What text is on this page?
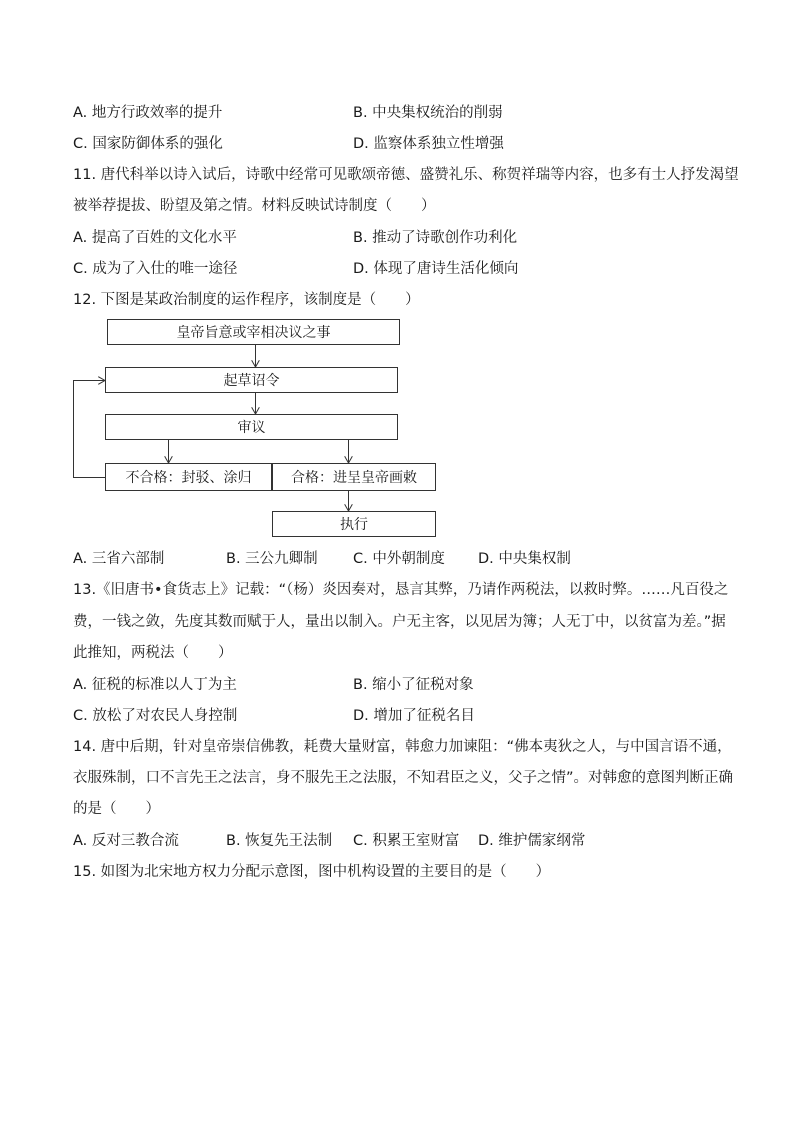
A. 地方行政效率的提升	B. 中央集权统治的削弱
C. 国家防御体系的强化	D. 监察体系独立性增强
11. 唐代科举以诗入试后，诗歌中经常可见歌颂帝德、盛赞礼乐、称贺祥瑞等内容，也多有士人抒发渴望
被举荐提拔、盼望及第之情。材料反映试诗制度（　　）
A. 提高了百姓的文化水平	B. 推动了诗歌创作功利化
C. 成为了入仕的唯一途径	D. 体现了唐诗生活化倾向
12. 下图是某政治制度的运作程序，该制度是（　　）
皇帝旨意或宰相决议之事
起草诏令
审议
不合格：封驳、涂归	合格：进呈皇帝画敕
执行
A. 三省六部制	B. 三公九卿制 C. 中外朝制度 D. 中央集权制
13.《旧唐书•食货志上》记载：“（杨）炎因奏对，恳言其弊，乃请作两税法，以救时弊。……凡百役之
费，一钱之敛，先度其数而赋于人，量出以制入。户无主客，以见居为簿；人无丁中，以贫富为差。”据
此推知，两税法（　　）
A. 征税的标准以人丁为主	B. 缩小了征税对象
C. 放松了对农民人身控制	D. 增加了征税名目
14. 唐中后期，针对皇帝崇信佛教，耗费大量财富，韩愈力加谏阻：“佛本夷狄之人，与中国言语不通，
衣服殊制，口不言先王之法言，身不服先王之法服，不知君臣之义，父子之情”。对韩愈的意图判断正确
的是（　　）
A. 反对三教合流	B. 恢复先王法制 C. 积累王室财富 D. 维护儒家纲常
15. 如图为北宋地方权力分配示意图，图中机构设置的主要目的是（　　）
